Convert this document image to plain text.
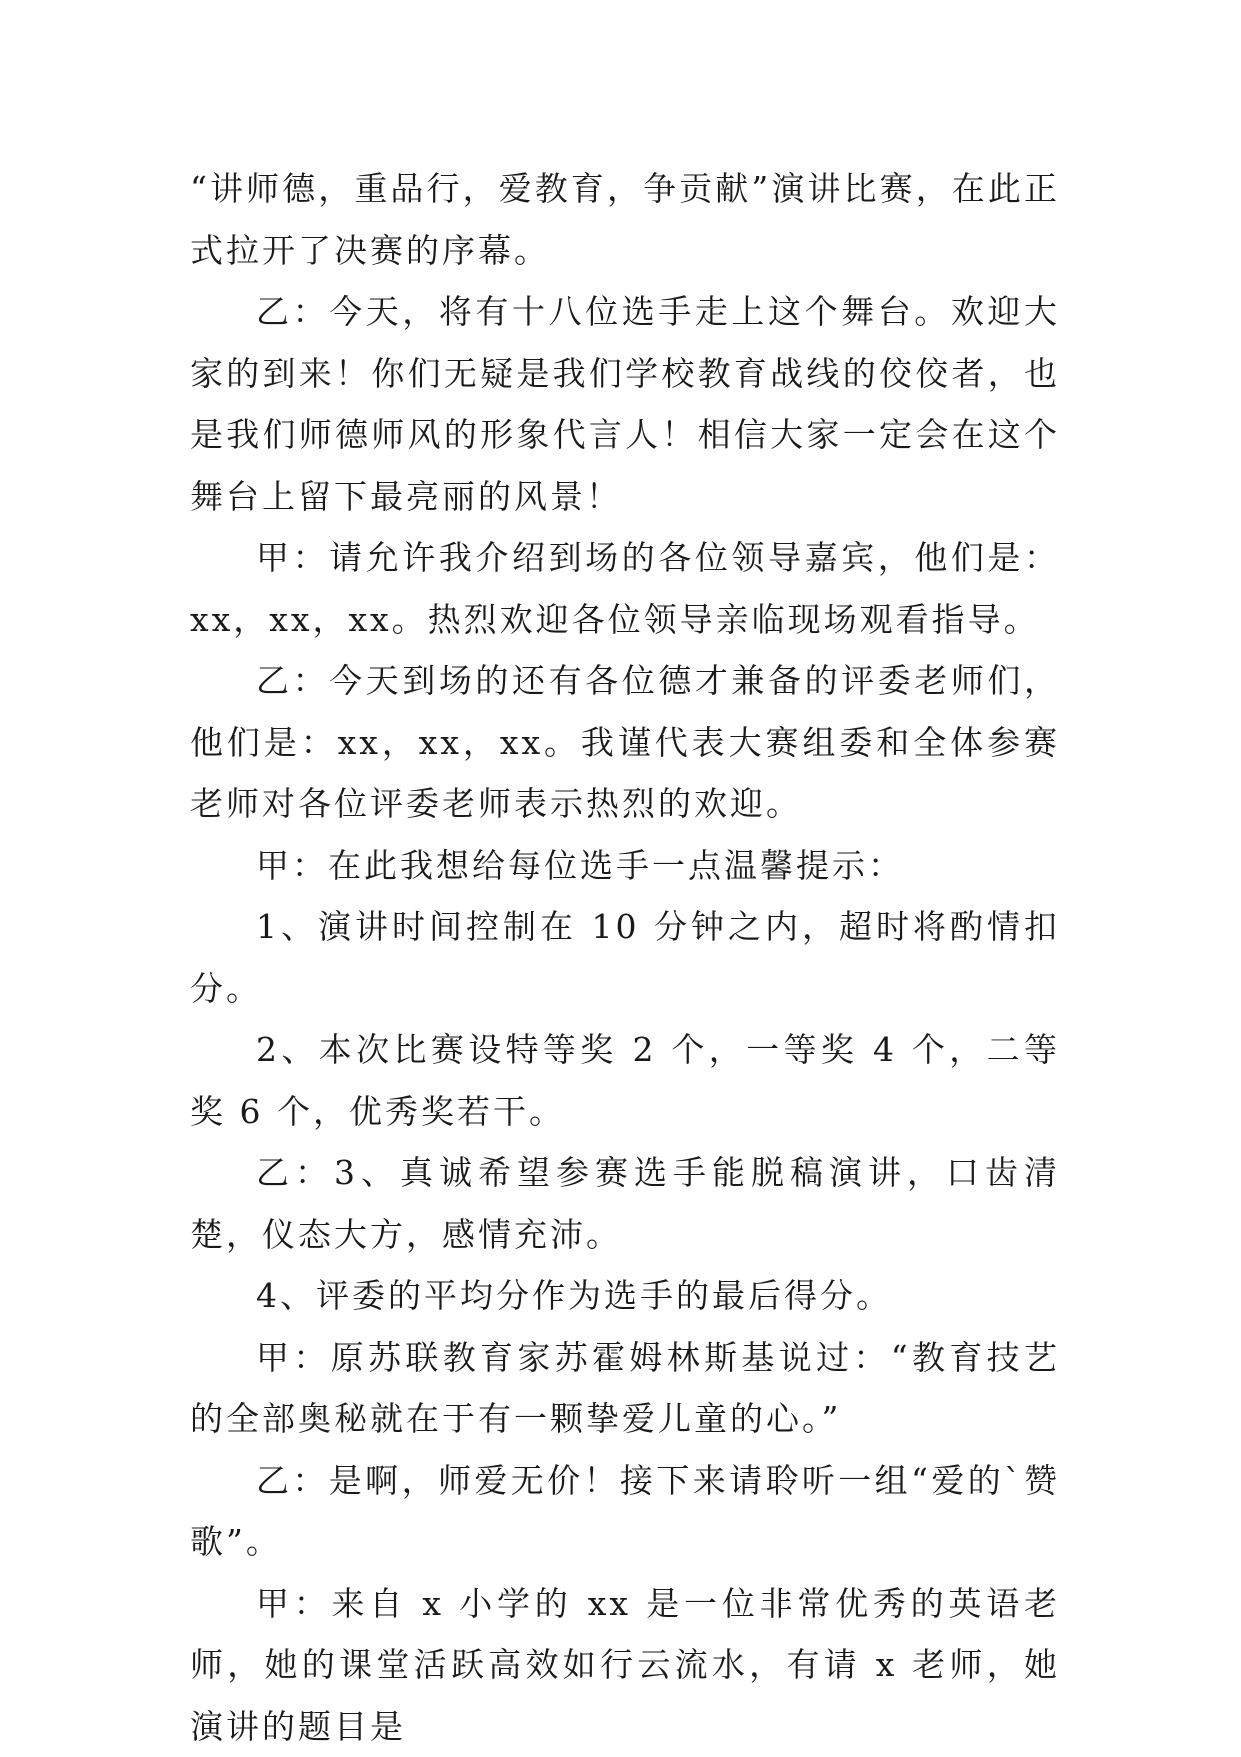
“讲师德，重品行，爱教育，争贡献”演讲比赛，在此正式拉开了决赛的序幕。

乙：今天，将有十八位选手走上这个舞台。欢迎大家的到来！你们无疑是我们学校教育战线的佼佼者，也是我们师德师风的形象代言人！相信大家一定会在这个舞台上留下最亮丽的风景！

甲：请允许我介绍到场的各位领导嘉宾，他们是：xx，xx，xx。热烈欢迎各位领导亲临现场观看指导。

乙：今天到场的还有各位德才兼备的评委老师们，他们是：xx，xx，xx。我谨代表大赛组委和全体参赛老师对各位评委老师表示热烈的欢迎。

甲：在此我想给每位选手一点温馨提示：

1、演讲时间控制在 10 分钟之内，超时将酌情扣分。

2、本次比赛设特等奖 2 个，一等奖 4 个，二等奖 6 个，优秀奖若干。

乙：3、真诚希望参赛选手能脱稿演讲，口齿清楚，仪态大方，感情充沛。

4、评委的平均分作为选手的最后得分。

甲：原苏联教育家苏霍姆林斯基说过：“教育技艺的全部奥秘就在于有一颗挚爱儿童的心。”

乙：是啊，师爱无价！接下来请聆听一组“爱的`赞歌”。

甲：来自 x 小学的 xx 是一位非常优秀的英语老师，她的课堂活跃高效如行云流水，有请 x 老师，她演讲的题目是
